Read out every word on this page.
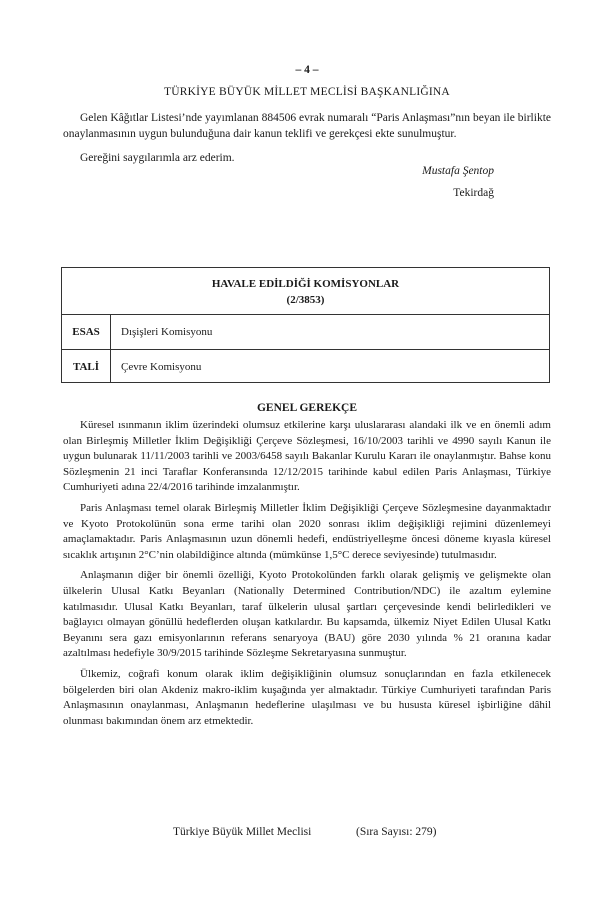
– 4 –
TÜRKİYE BÜYÜK MİLLET MECLİSİ BAŞKANLIĞINA

Gelen Kâğıtlar Listesi’nde yayımlanan 884506 evrak numaralı “Paris Anlaşması”nın beyan ile birlikte onaylanmasının uygun bulunduğuna dair kanun teklifi ve gerekçesi ekte sunulmuştur.

Gereğini saygılarımla arz ederim.

Mustafa Şentop
Tekirdağ
HAVALE EDİLDİĞİ KOMİSYONLAR
(2/3853)
ESAS	Dışişleri Komisyonu
TALİ	Çevre Komisyonu
GENEL GEREKÇE

Küresel ısınmanın iklim üzerindeki olumsuz etkilerine karşı uluslararası alandaki ilk ve en önemli adım olan Birleşmiş Milletler İklim Değişikliği Çerçeve Sözleşmesi, 16/10/2003 tarihli ve 4990 sayılı Kanun ile uygun bulunarak 11/11/2003 tarihli ve 2003/6458 sayılı Bakanlar Kurulu Kararı ile onaylanmıştır. Bahse konu Sözleşmenin 21 inci Taraflar Konferansında 12/12/2015 tarihinde kabul edilen Paris Anlaşması, Türkiye Cumhuriyeti adına 22/4/2016 tarihinde imzalanmıştır.

Paris Anlaşması temel olarak Birleşmiş Milletler İklim Değişikliği Çerçeve Sözleşmesine dayanmaktadır ve Kyoto Protokolünün sona erme tarihi olan 2020 sonrası iklim değişikliği rejimini düzenlemeyi amaçlamaktadır. Paris Anlaşmasının uzun dönemli hedefi, endüstriyelleşme öncesi döneme kıyasla küresel sıcaklık artışının 2°C’nin olabildiğince altında (mümkünse 1,5°C derece seviyesinde) tutulmasıdır.

Anlaşmanın diğer bir önemli özelliği, Kyoto Protokolünden farklı olarak gelişmiş ve gelişmekte olan ülkelerin Ulusal Katkı Beyanları (Nationally Determined Contribution/NDC) ile azaltım eylemine katılmasıdır. Ulusal Katkı Beyanları, taraf ülkelerin ulusal şartları çerçevesinde kendi belirledikleri ve bağlayıcı olmayan gönüllü hedeflerden oluşan katkılardır. Bu kapsamda, ülkemiz Niyet Edilen Ulusal Katkı Beyanını sera gazı emisyonlarının referans senaryoya (BAU) göre 2030 yılında % 21 oranına kadar azaltılması hedefiyle 30/9/2015 tarihinde Sözleşme Sekretaryasına sunmuştur.

Ülkemiz, coğrafi konum olarak iklim değişikliğinin olumsuz sonuçlarından en fazla etkilenecek bölgelerden biri olan Akdeniz makro-iklim kuşağında yer almaktadır. Türkiye Cumhuriyeti tarafından Paris Anlaşmasının onaylanması, Anlaşmanın hedeflerine ulaşılması ve bu hususta küresel işbirliğine dâhil olunması bakımından önem arz etmektedir.

Türkiye Büyük Millet Meclisi	(Sıra Sayısı: 279)
